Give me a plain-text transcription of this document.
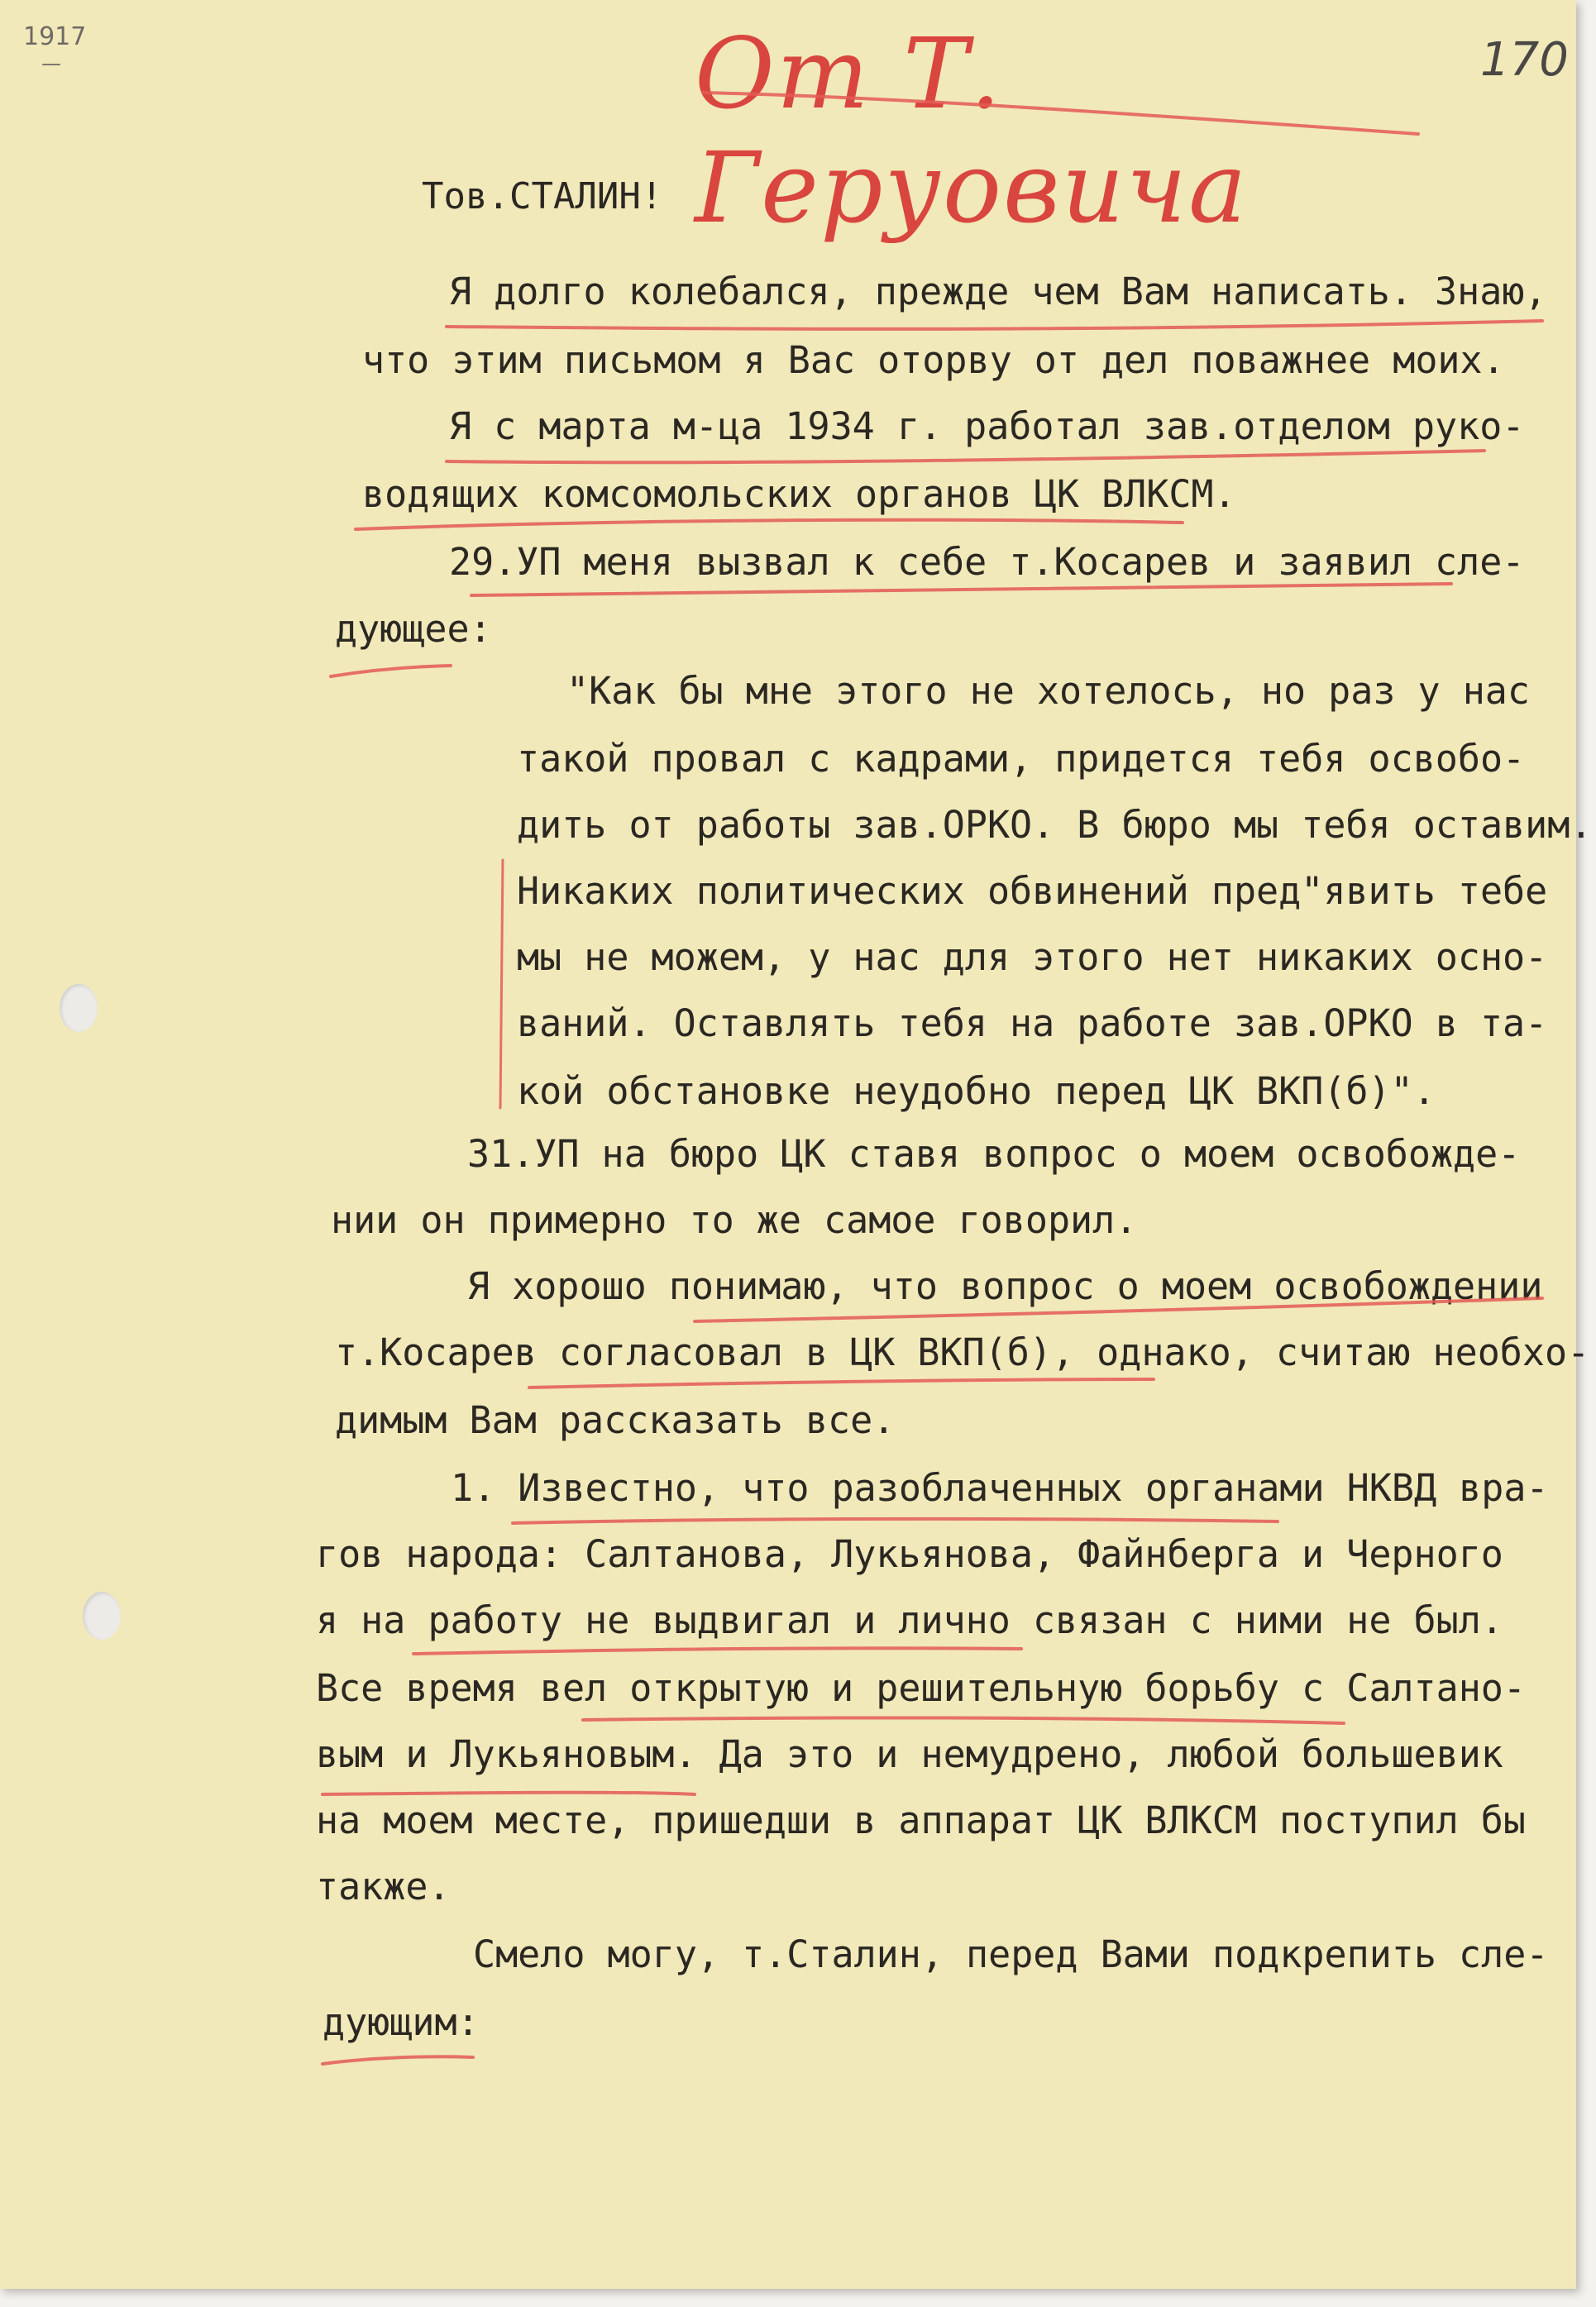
1917
—	170
От Т. Геруовича
Тов.СТАЛИН!
Я долго колебался, прежде чем Вам написать. Знаю,
что этим письмом я Вас оторву от дел поважнее моих.
Я с марта м-ца 1934 г. работал зав.отделом руко-
водящих комсомольских органов ЦК ВЛКСМ.
29.УП меня вызвал к себе т.Косарев и заявил сле-
дующее:
"Как бы мне этого не хотелось, но раз у нас
такой провал с кадрами, придется тебя освобо-
дить от работы зав.ОРКО. В бюро мы тебя оставим.
Никаких политических обвинений пред"явить тебе
мы не можем, у нас для этого нет никаких осно-
ваний. Оставлять тебя на работе зав.ОРКО в та-
кой обстановке неудобно перед ЦК ВКП(б)".
31.УП на бюро ЦК ставя вопрос о моем освобожде-
нии он примерно то же самое говорил.
Я хорошо понимаю, что вопрос о моем освобождении
т.Косарев согласовал в ЦК ВКП(б), однако, считаю необхо-
димым Вам рассказать все.
1. Известно, что разоблаченных органами НКВД вра-
гов народа: Салтанова, Лукьянова, Файнберга и Черного
я на работу не выдвигал и лично связан с ними не был.
Все время вел открытую и решительную борьбу с Салтано-
вым и Лукьяновым. Да это и немудрено, любой большевик
на моем месте, пришедши в аппарат ЦК ВЛКСМ поступил бы
также.
Смело могу, т.Сталин, перед Вами подкрепить сле-
дующим:
